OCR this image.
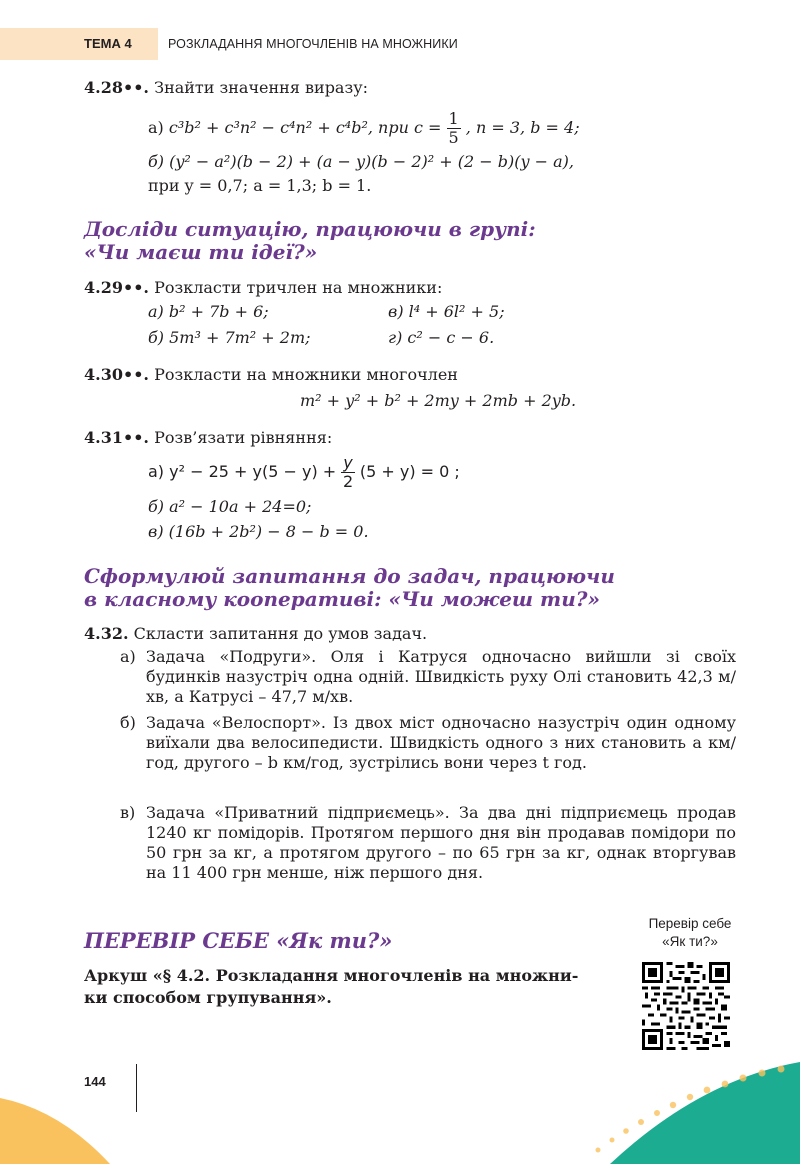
ТЕМА 4	РОЗКЛАДАННЯ МНОГОЧЛЕНІВ НА МНОЖНИКИ
4.28••. Знайти значення виразу:
а) c³b² + c³n² − c⁴n² + c⁴b², при $c = \frac{1}{5}$ , n = 3, b = 4;
б) (y² − a²)(b − 2) + (a − y)(b − 2)² + (2 − b)(y − a),
при y = 0,7; a = 1,3; b = 1.
Досліди ситуацію, працюючи в групі:
«Чи маєш ти ідеї?»
4.29••. Розкласти тричлен на множники:
а) b² + 7b + 6;	в) l⁴ + 6l² + 5;
б) 5m³ + 7m² + 2m;	г) c² − c − 6.
4.30••. Розкласти на множники многочлен
m² + y² + b² + 2my + 2mb + 2yb.
4.31••. Розв’язати рівняння:
а) $y^2 - 25 + y(5 - y) + \frac{y}{2} (5 + y) = 0$ ;
б) a² − 10a + 24=0;
в) (16b + 2b²) − 8 − b = 0.
Сформулюй запитання до задач, працюючи
в класному кооперативі: «Чи можеш ти?»
4.32. Скласти запитання до умов задач.
а) Задача «Подруги». Оля і Катруся одночасно вийшли зі своїх будинків назустріч одна одній. Швидкість руху Олі становить 42,3 м/хв, а Катрусі – 47,7 м/хв.
б) Задача «Велоспорт». Із двох міст одночасно назустріч один одному виїхали два велосипедисти. Швидкість одного з них становить a км/год, другого – b км/год, зустрілись вони через t год.
в) Задача «Приватний підприємець». За два дні підприємець продав 1240 кг помідорів. Протягом першого дня він продавав помідори по 50 грн за кг, а протягом другого – по 65 грн за кг, однак вторгував на 11 400 грн менше, ніж першого дня.
ПЕРЕВІР СЕБЕ «Як ти?»
Аркуш «§ 4.2. Розкладання многочленів на множни-
ки способом групування».
Перевір себе
«Як ти?»
144
